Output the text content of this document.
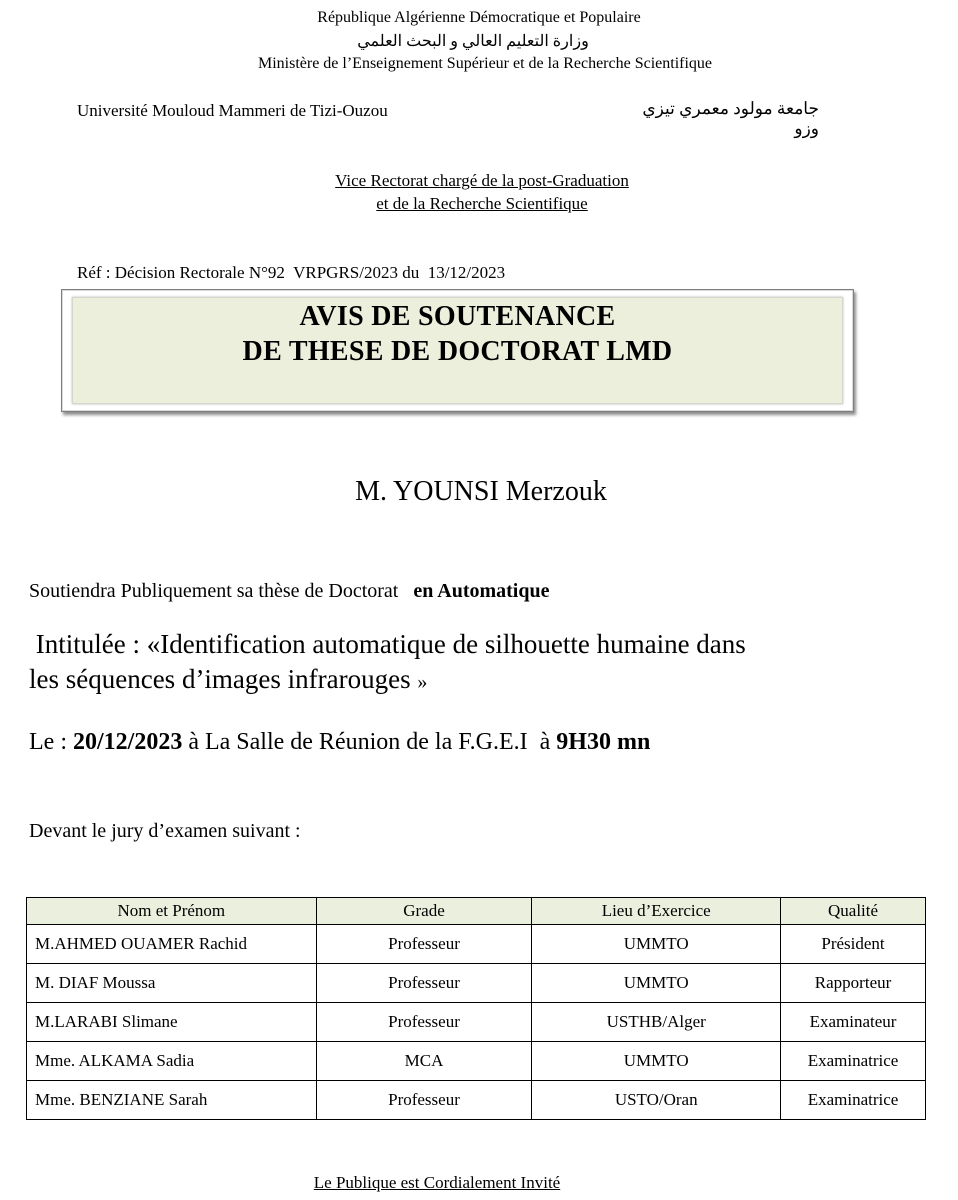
République Algérienne Démocratique et Populaire
وزارة التعليم العالي و البحث العلمي
Ministère de l’Enseignement Supérieur et de la Recherche Scientifique
Université Mouloud Mammeri de Tizi-Ouzou	جامعة مولود معمري تيزي وزو
Vice Rectorat chargé de la post-Graduation
et de la Recherche Scientifique
Réf : Décision Rectorale N°92  VRPGRS/2023 du  13/12/2023
AVIS DE SOUTENANCE
DE THESE DE DOCTORAT LMD
M. YOUNSI Merzouk
Soutiendra Publiquement sa thèse de Doctorat en Automatique
Intitulée : «Identification automatique de silhouette humaine dans
les séquences d’images infrarouges »
Le : 20/12/2023 à La Salle de Réunion de la F.G.E.I  à 9H30 mn
Devant le jury d’examen suivant :
Nom et Prénom	Grade	Lieu d’Exercice	Qualité
M.AHMED OUAMER Rachid	Professeur	UMMTO	Président
M. DIAF Moussa	Professeur	UMMTO	Rapporteur
M.LARABI Slimane	Professeur	USTHB/Alger	Examinateur
Mme. ALKAMA Sadia	MCA	UMMTO	Examinatrice
Mme. BENZIANE Sarah	Professeur	USTO/Oran	Examinatrice
Le Publique est Cordialement Invité
